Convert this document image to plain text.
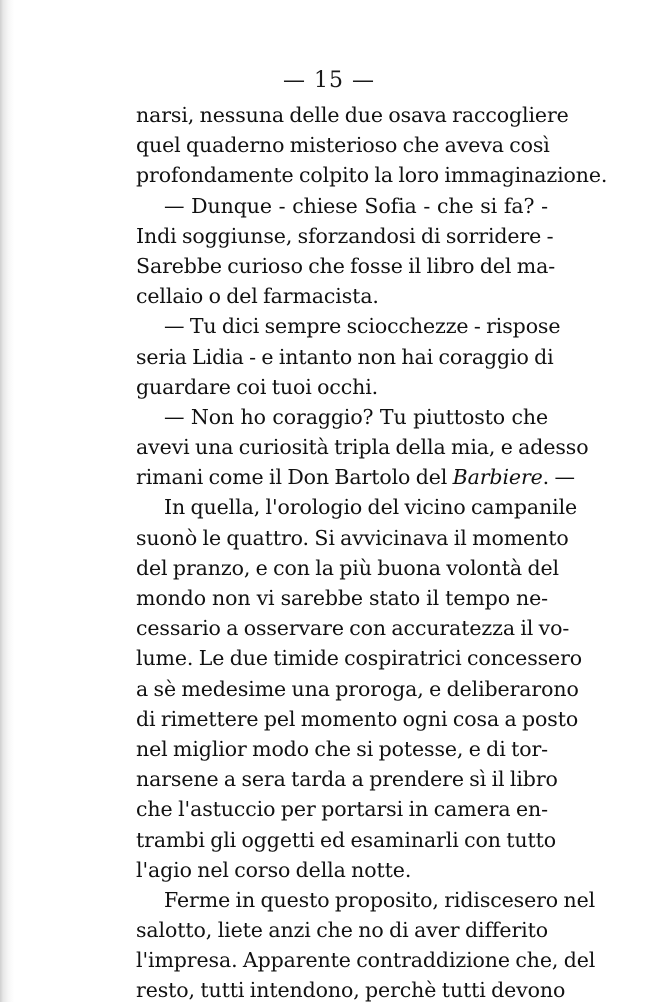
— 15 —
narsi, nessuna delle due osava raccogliere
quel quaderno misterioso che aveva così
profondamente colpito la loro immaginazione.
— Dunque - chiese Sofia - che si fa? -
Indi soggiunse, sforzandosi di sorridere -
Sarebbe curioso che fosse il libro del ma-
cellaio o del farmacista.
— Tu dici sempre sciocchezze - rispose
seria Lidia - e intanto non hai coraggio di
guardare coi tuoi occhi.
— Non ho coraggio? Tu piuttosto che
avevi una curiosità tripla della mia, e adesso
rimani come il Don Bartolo del Barbiere. —
In quella, l'orologio del vicino campanile
suonò le quattro. Si avvicinava il momento
del pranzo, e con la più buona volontà del
mondo non vi sarebbe stato il tempo ne-
cessario a osservare con accuratezza il vo-
lume. Le due timide cospiratrici concessero
a sè medesime una proroga, e deliberarono
di rimettere pel momento ogni cosa a posto
nel miglior modo che si potesse, e di tor-
narsene a sera tarda a prendere sì il libro
che l'astuccio per portarsi in camera en-
trambi gli oggetti ed esaminarli con tutto
l'agio nel corso della notte.
Ferme in questo proposito, ridiscesero nel
salotto, liete anzi che no di aver differito
l'impresa. Apparente contraddizione che, del
resto, tutti intendono, perchè tutti devono
